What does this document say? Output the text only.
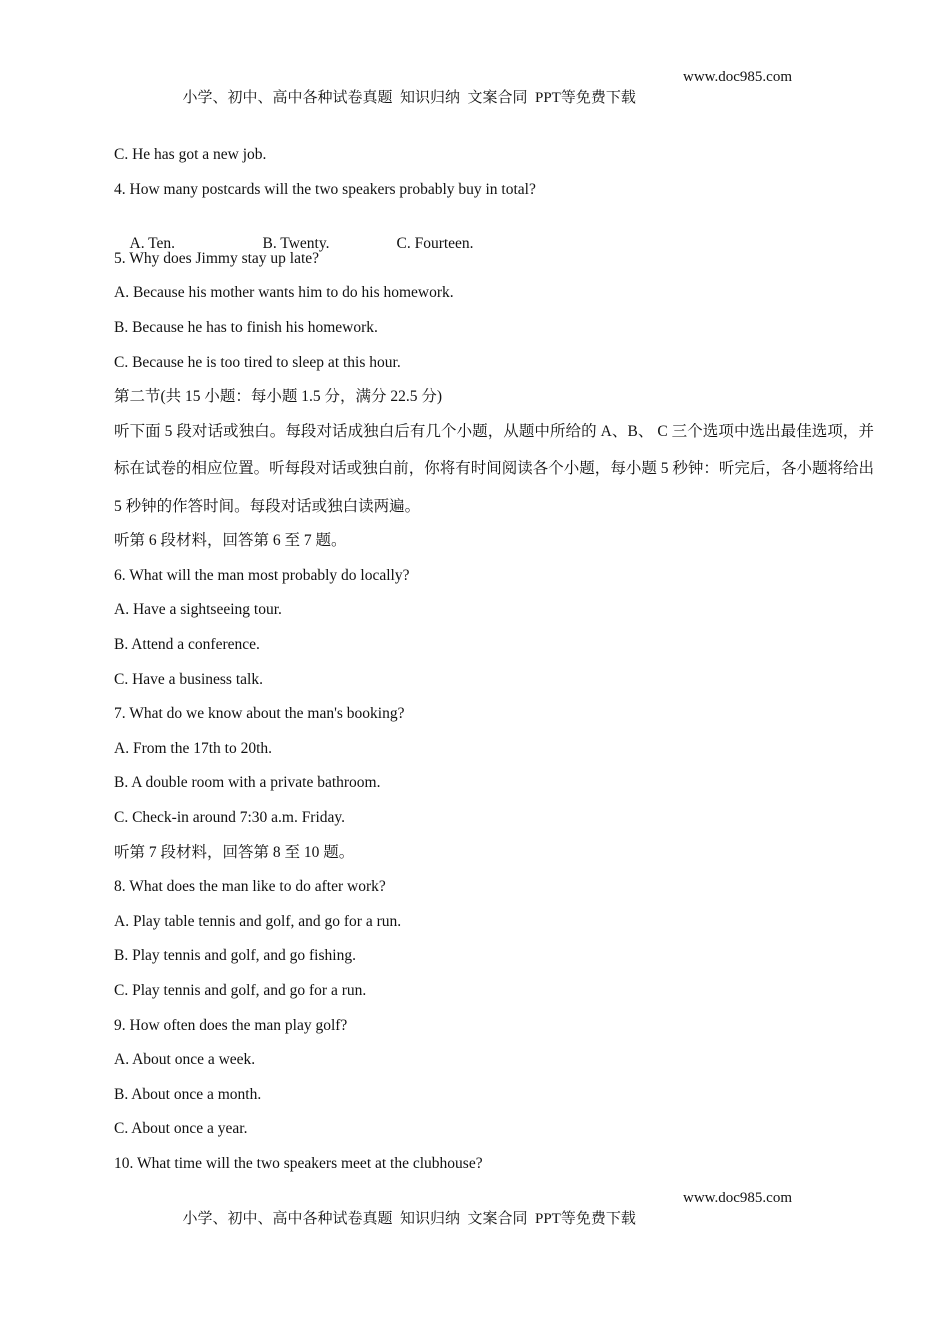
小学、初中、高中各种试卷真题  知识归纳  文案合同  PPT等免费下载

www.doc985.com

C. He has got a new job.
4. How many postcards will the two speakers probably buy in total?

A. Ten.	B. Twenty.	C. Fourteen.

5. Why does Jimmy stay up late?
A. Because his mother wants him to do his homework.
B. Because he has to finish his homework.
C. Because he is too tired to sleep at this hour.
第二节(共 15 小题：每小题 1.5 分，满分 22.5 分)
听下面 5 段对话或独白。每段对话成独白后有几个小题，从题中所给的 A、B、 C 三个选项中选出最佳选项，并标在试卷的相应位置。听每段对话或独白前，你将有时间阅读各个小题，每小题 5 秒钟：听完后，各小题将给出 5 秒钟的作答时间。每段对话或独白读两遍。
听第 6 段材料，回答第 6 至 7 题。
6. What will the man most probably do locally?
A. Have a sightseeing tour.
B. Attend a conference.
C. Have a business talk.
7. What do we know about the man's booking?
A. From the 17th to 20th.
B. A double room with a private bathroom.
C. Check-in around 7:30 a.m. Friday.
听第 7 段材料，回答第 8 至 10 题。
8. What does the man like to do after work?
A. Play table tennis and golf, and go for a run.
B. Play tennis and golf, and go fishing.
C. Play tennis and golf, and go for a run.
9. How often does the man play golf?
A. About once a week.
B. About once a month.
C. About once a year.
10. What time will the two speakers meet at the clubhouse?

小学、初中、高中各种试卷真题  知识归纳  文案合同  PPT等免费下载

www.doc985.com
